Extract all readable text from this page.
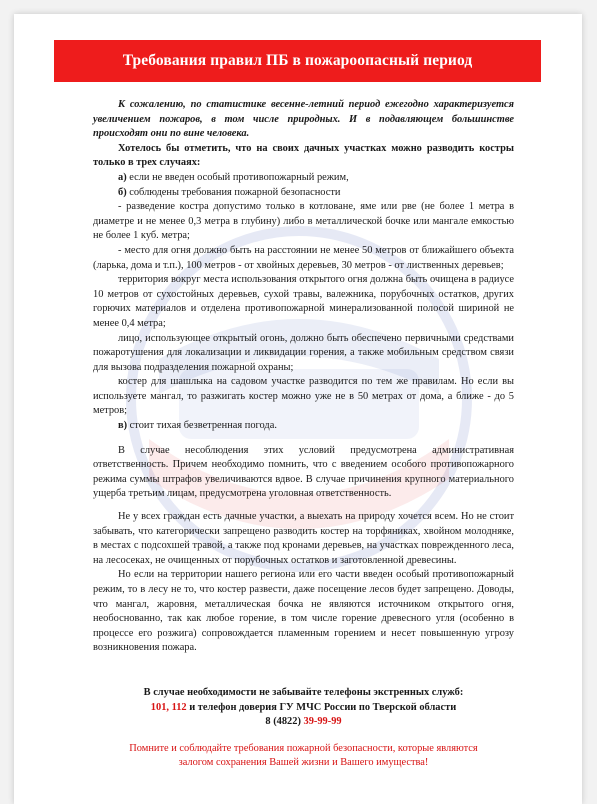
Требования правил ПБ в пожароопасный период

К сожалению, по статистике весенне-летний период ежегодно характеризуется увеличением пожаров, в том числе природных. И в подавляющем большинстве происходят они по вине человека.

Хотелось бы отметить, что на своих дачных участках можно разводить костры только в трех случаях:

а) если не введен особый противопожарный режим,

б) соблюдены требования пожарной безопасности

- разведение костра допустимо только в котловане, яме или рве (не более 1 метра в диаметре и не менее 0,3 метра в глубину) либо в металлической бочке или мангале емкостью не более 1 куб. метра;

- место для огня должно быть на расстоянии не менее 50 метров от ближайшего объекта (ларька, дома и т.п.), 100 метров - от хвойных деревьев, 30 метров - от лиственных деревьев;

территория вокруг места использования открытого огня должна быть очищена в радиусе 10 метров от сухостойных деревьев, сухой травы, валежника, порубочных остатков, других горючих материалов и отделена противопожарной минерализованной полосой шириной не менее 0,4 метра;

лицо, использующее открытый огонь, должно быть обеспечено первичными средствами пожаротушения для локализации и ликвидации горения, а также мобильным средством связи для вызова подразделения пожарной охраны;

костер для шашлыка на садовом участке разводится по тем же правилам. Но если вы используете мангал, то разжигать костер можно уже не в 50 метрах от дома, а ближе - до 5 метров;

в) стоит тихая безветренная погода.

В случае несоблюдения этих условий предусмотрена административная ответственность. Причем необходимо помнить, что с введением особого противопожарного режима суммы штрафов увеличиваются вдвое. В случае причинения крупного материального ущерба третьим лицам, предусмотрена уголовная ответственность.

Не у всех граждан есть дачные участки, а выехать на природу хочется всем. Но не стоит забывать, что категорически запрещено разводить костер на торфяниках, хвойном молодняке, в местах с подсохшей травой, а также под кронами деревьев, на участках поврежденного леса, на лесосеках, не очищенных от порубочных остатков и заготовленной древесины.

Но если на территории нашего региона или его части введен особый противопожарный режим, то в лесу не то, что костер развести, даже посещение лесов будет запрещено. Доводы, что мангал, жаровня, металлическая бочка не являются источником открытого огня, необоснованно, так как любое горение, в том числе горение древесного угля (особенно в процессе его розжига) сопровождается пламенным горением и несет повышенную угрозу возникновения пожара.

В случае необходимости не забывайте телефоны экстренных служб:

101, 112 и телефон доверия ГУ МЧС России по Тверской области

8 (4822) 39-99-99

Помните и соблюдайте требования пожарной безопасности, которые являются

залогом сохранения Вашей жизни и Вашего имущества!
